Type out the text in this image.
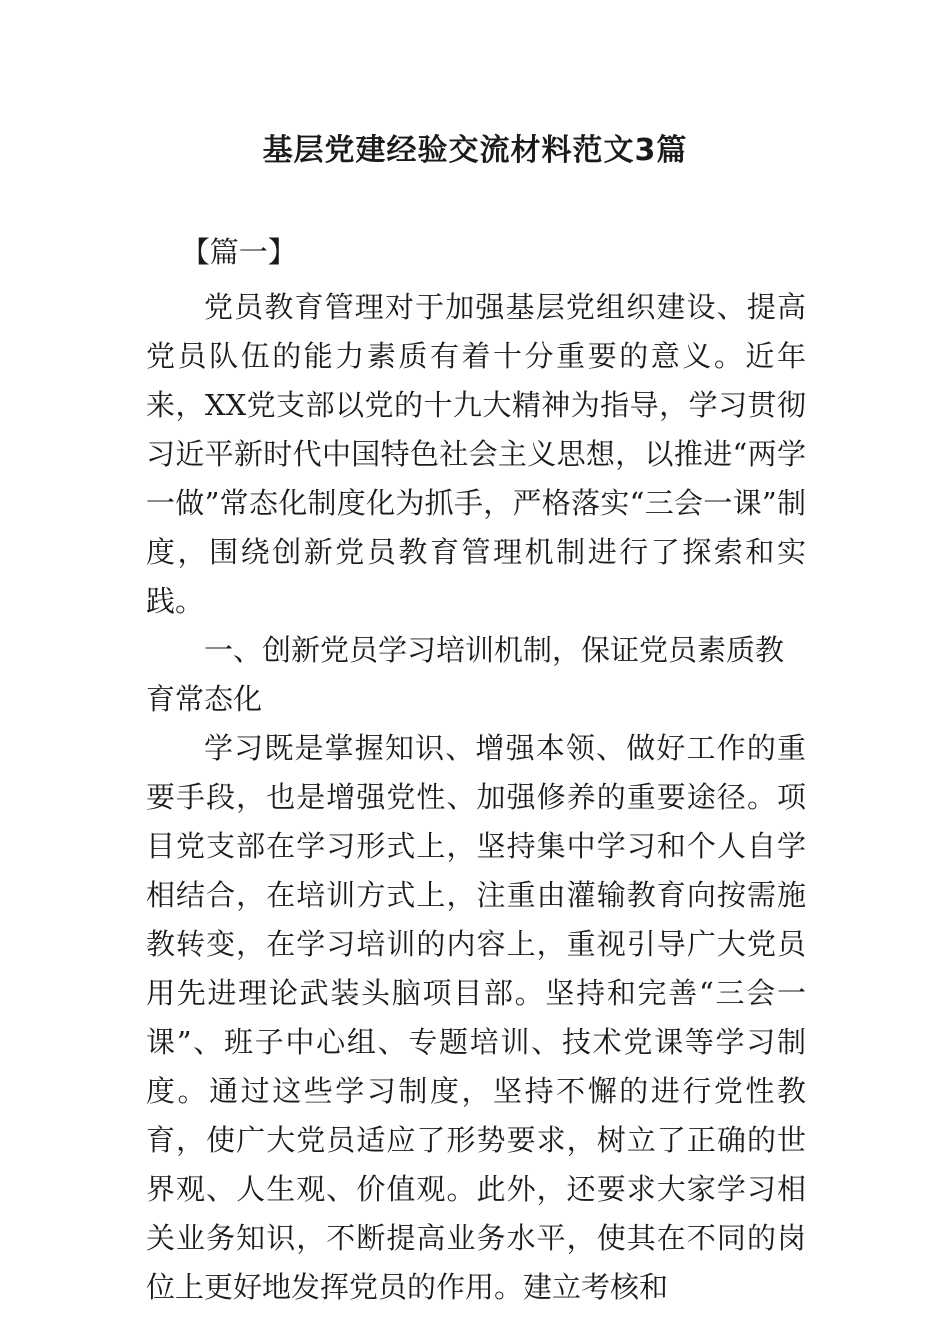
基层党建经验交流材料范文3篇

【篇一】

党员教育管理对于加强基层党组织建设、提高党员队伍的能力素质有着十分重要的意义。近年来，XX党支部以党的十九大精神为指导，学习贯彻习近平新时代中国特色社会主义思想，以推进“两学一做”常态化制度化为抓手，严格落实“三会一课”制度，围绕创新党员教育管理机制进行了探索和实践。

一、创新党员学习培训机制，保证党员素质教育常态化

学习既是掌握知识、增强本领、做好工作的重要手段，也是增强党性、加强修养的重要途径。项目党支部在学习形式上，坚持集中学习和个人自学相结合，在培训方式上，注重由灌输教育向按需施教转变，在学习培训的内容上，重视引导广大党员用先进理论武装头脑项目部。坚持和完善“三会一课”、班子中心组、专题培训、技术党课等学习制度。通过这些学习制度，坚持不懈的进行党性教育，使广大党员适应了形势要求，树立了正确的世界观、人生观、价值观。此外，还要求大家学习相关业务知识，不断提高业务水平，使其在不同的岗位上更好地发挥党员的作用。建立考核和
